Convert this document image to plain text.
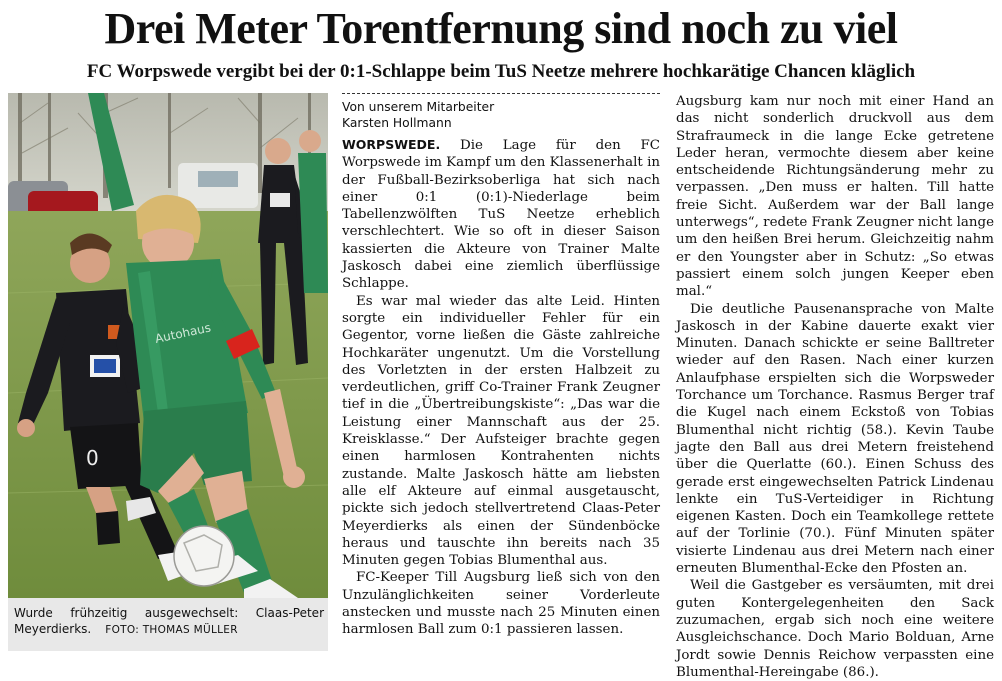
Drei Meter Torentfernung sind noch zu viel
FC Worpswede vergibt bei der 0:1-Schlappe beim TuS Neetze mehrere hochkarätige Chancen kläglich
0
Autohaus
Wurde frühzeitig ausgewechselt: Claas-Peter Meyerdierks. FOTO: THOMAS MÜLLER
Von unserem Mitarbeiter
Karsten Hollmann

WORPSWEDE. Die Lage für den FC Worpswede im Kampf um den Klassenerhalt in der Fußball-Bezirksoberliga hat sich nach einer 0:1 (0:1)-Niederlage beim Tabellenzwölften TuS Neetze erheblich verschlechtert. Wie so oft in dieser Saison kassierten die Akteure von Trainer Malte Jaskosch dabei eine ziemlich überflüssige Schlappe.

Es war mal wieder das alte Leid. Hinten sorgte ein individueller Fehler für ein Gegentor, vorne ließen die Gäste zahlreiche Hochkaräter ungenutzt. Um die Vorstellung des Vorletzten in der ersten Halbzeit zu verdeutlichen, griff Co-Trainer Frank Zeugner tief in die „Übertreibungskiste“: „Das war die Leistung einer Mannschaft aus der 25. Kreisklasse.“ Der Aufsteiger brachte gegen einen harmlosen Kontrahenten nichts zustande. Malte Jaskosch hätte am liebsten alle elf Akteure auf einmal ausgetauscht, pickte sich jedoch stellvertretend Claas-Peter Meyerdierks als einen der Sündenböcke heraus und tauschte ihn bereits nach 35 Minuten gegen Tobias Blumenthal aus.

FC-Keeper Till Augsburg ließ sich von den Unzulänglichkeiten seiner Vorderleute anstecken und musste nach 25 Minuten einen harmlosen Ball zum 0:1 passieren lassen.

Augsburg kam nur noch mit einer Hand an das nicht sonderlich druckvoll aus dem Strafraumeck in die lange Ecke getretene Leder heran, vermochte diesem aber keine entscheidende Richtungsänderung mehr zu verpassen. „Den muss er halten. Till hatte freie Sicht. Außerdem war der Ball lange unterwegs“, redete Frank Zeugner nicht lange um den heißen Brei herum. Gleichzeitig nahm er den Youngster aber in Schutz: „So etwas passiert einem solch jungen Keeper eben mal.“

Die deutliche Pausenansprache von Malte Jaskosch in der Kabine dauerte exakt vier Minuten. Danach schickte er seine Balltreter wieder auf den Rasen. Nach einer kurzen Anlaufphase erspielten sich die Worpsweder Torchance um Torchance. Rasmus Berger traf die Kugel nach einem Eckstoß von Tobias Blumenthal nicht richtig (58.). Kevin Taube jagte den Ball aus drei Metern freistehend über die Querlatte (60.). Einen Schuss des gerade erst eingewechselten Patrick Lindenau lenkte ein TuS-Verteidiger in Richtung eigenen Kasten. Doch ein Teamkollege rettete auf der Torlinie (70.). Fünf Minuten später visierte Lindenau aus drei Metern nach einer erneuten Blumenthal-Ecke den Pfosten an.

Weil die Gastgeber es versäumten, mit drei guten Kontergelegenheiten den Sack zuzumachen, ergab sich noch eine weitere Ausgleichschance. Doch Mario Bolduan, Arne Jordt sowie Dennis Reichow verpassten eine Blumenthal-Hereingabe (86.).
